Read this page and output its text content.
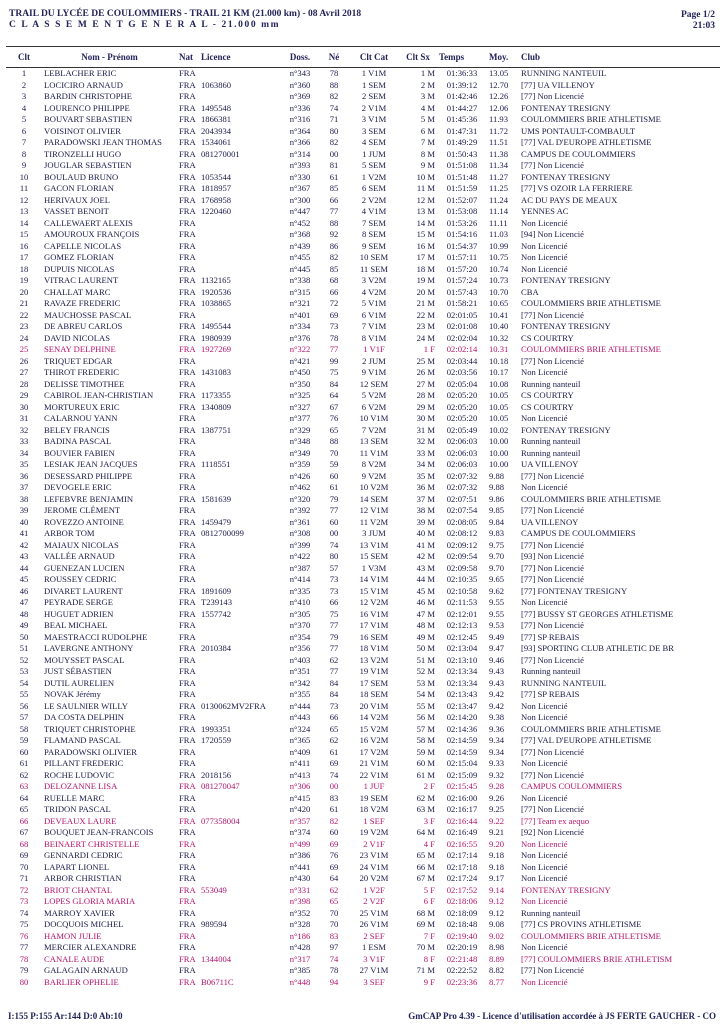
TRAIL DU LYCÉE DE COULOMMIERS - TRAIL 21 KM (21.000 km) - 08 Avril 2018
C L A S S E M E N T G E N E R A L - 21.000 mm
Page 1/2
21:03
Clt	Nom - Prénom	Nat	Licence	Doss.	Né	Clt Cat	Clt Sx	Temps	Moy.	Club
1	LEBLACHER ERIC	FRA		n°343	78	1 V1M	1 M	01:36:33	13.05	RUNNING NANTEUIL
2	LOCICIRO ARNAUD	FRA	1063860	n°360	88	1 SEM	2 M	01:39:12	12.70	[77] UA VILLENOY
3	BARDIN CHRISTOPHE	FRA		n°369	82	2 SEM	3 M	01:42:46	12.26	[77] Non Licencié
4	LOURENCO PHILIPPE	FRA	1495548	n°336	74	2 V1M	4 M	01:44:27	12.06	FONTENAY TRESIGNY
5	BOUVART SEBASTIEN	FRA	1866381	n°316	71	3 V1M	5 M	01:45:36	11.93	COULOMMIERS BRIE ATHLETISME
6	VOISINOT OLIVIER	FRA	2043934	n°364	80	3 SEM	6 M	01:47:31	11.72	UMS PONTAULT-COMBAULT
7	PARADOWSKI JEAN THOMAS	FRA	1534061	n°366	82	4 SEM	7 M	01:49:29	11.51	[77] VAL D'EUROPE ATHLETISME
8	TIRONZELLI HUGO	FRA	081270001	n°314	00	1 JUM	8 M	01:50:43	11.38	CAMPUS DE COULOMMIERS
9	JOUGLAR SEBASTIEN	FRA		n°393	81	5 SEM	9 M	01:51:08	11.34	[77] Non Licencié
10	BOULAUD BRUNO	FRA	1053544	n°330	61	1 V2M	10 M	01:51:48	11.27	FONTENAY TRESIGNY
11	GACON FLORIAN	FRA	1818957	n°367	85	6 SEM	11 M	01:51:59	11.25	[77] VS OZOIR LA FERRIERE
12	HERIVAUX JOEL	FRA	1768958	n°300	66	2 V2M	12 M	01:52:07	11.24	AC DU PAYS DE MEAUX
13	VASSET BENOIT	FRA	1220460	n°447	77	4 V1M	13 M	01:53:08	11.14	YENNES AC
14	CALLEWAERT ALEXIS	FRA		n°452	88	7 SEM	14 M	01:53:26	11.11	Non Licencié
15	AMOUROUX FRANÇOIS	FRA		n°368	92	8 SEM	15 M	01:54:16	11.03	[94] Non Licencié
16	CAPELLE NICOLAS	FRA		n°439	86	9 SEM	16 M	01:54:37	10.99	Non Licencié
17	GOMEZ FLORIAN	FRA		n°455	82	10 SEM	17 M	01:57:11	10.75	Non Licencié
18	DUPUIS NICOLAS	FRA		n°445	85	11 SEM	18 M	01:57:20	10.74	Non Licencié
19	VITRAC LAURENT	FRA	1132165	n°338	68	3 V2M	19 M	01:57:24	10.73	FONTENAY TRESIGNY
20	CHALLAT MARC	FRA	1920536	n°315	66	4 V2M	20 M	01:57:43	10.70	CBA
21	RAVAZE FREDERIC	FRA	1038865	n°321	72	5 V1M	21 M	01:58:21	10.65	COULOMMIERS BRIE ATHLETISME
22	MAUCHOSSE PASCAL	FRA		n°401	69	6 V1M	22 M	02:01:05	10.41	[77] Non Licencié
23	DE ABREU CARLOS	FRA	1495544	n°334	73	7 V1M	23 M	02:01:08	10.40	FONTENAY TRESIGNY
24	DAVID NICOLAS	FRA	1980939	n°376	78	8 V1M	24 M	02:02:04	10.32	CS COURTRY
25	SENAY DELPHINE	FRA	1927269	n°322	77	1 V1F	1 F	02:02:14	10.31	COULOMMIERS BRIE ATHLETISME
26	TRIQUET EDGAR	FRA		n°421	99	2 JUM	25 M	02:03:44	10.18	[77] Non Licencié
27	THIROT FREDERIC	FRA	1431083	n°450	75	9 V1M	26 M	02:03:56	10.17	Non Licencié
28	DELISSE TIMOTHEE	FRA		n°350	84	12 SEM	27 M	02:05:04	10.08	Running nanteuil
29	CABIROL JEAN-CHRISTIAN	FRA	1173355	n°325	64	5 V2M	28 M	02:05:20	10.05	CS COURTRY
30	MORTUREUX ERIC	FRA	1340809	n°327	67	6 V2M	29 M	02:05:20	10.05	CS COURTRY
31	CALARNOU YANN	FRA		n°377	76	10 V1M	30 M	02:05:20	10.05	Non Licencié
32	BELEY FRANCIS	FRA	1387751	n°329	65	7 V2M	31 M	02:05:49	10.02	FONTENAY TRESIGNY
33	BADINA PASCAL	FRA		n°348	88	13 SEM	32 M	02:06:03	10.00	Running nanteuil
34	BOUVIER FABIEN	FRA		n°349	70	11 V1M	33 M	02:06:03	10.00	Running nanteuil
35	LESIAK JEAN JACQUES	FRA	1118551	n°359	59	8 V2M	34 M	02:06:03	10.00	UA VILLENOY
36	DESESSARD PHILIPPE	FRA		n°426	60	9 V2M	35 M	02:07:32	9.88	[77] Non Licencié
37	DEVOGELE ERIC	FRA		n°462	61	10 V2M	36 M	02:07:32	9.88	Non Licencié
38	LEFEBVRE BENJAMIN	FRA	1581639	n°320	79	14 SEM	37 M	02:07:51	9.86	COULOMMIERS BRIE ATHLETISME
39	JEROME CLÉMENT	FRA		n°392	77	12 V1M	38 M	02:07:54	9.85	[77] Non Licencié
40	ROVEZZO ANTOINE	FRA	1459479	n°361	60	11 V2M	39 M	02:08:05	9.84	UA VILLENOY
41	ARBOR TOM	FRA	0812700099	n°308	00	3 JUM	40 M	02:08:12	9.83	CAMPUS DE COULOMMIERS
42	MAIAUX NICOLAS	FRA		n°399	74	13 V1M	41 M	02:09:12	9.75	[77] Non Licencié
43	VALLÉE ARNAUD	FRA		n°422	80	15 SEM	42 M	02:09:54	9.70	[93] Non Licencié
44	GUENEZAN LUCIEN	FRA		n°387	57	1 V3M	43 M	02:09:58	9.70	[77] Non Licencié
45	ROUSSEY CEDRIC	FRA		n°414	73	14 V1M	44 M	02:10:35	9.65	[77] Non Licencié
46	DIVARET LAURENT	FRA	1891609	n°335	73	15 V1M	45 M	02:10:58	9.62	[77] FONTENAY TRESIGNY
47	PEYRADE SERGE	FRA	T239143	n°410	66	12 V2M	46 M	02:11:53	9.55	Non Licencié
48	HUGUET ADRIEN	FRA	1557742	n°305	75	16 V1M	47 M	02:12:01	9.55	[77] BUSSY ST GEORGES ATHLETISME
49	BEAL MICHAEL	FRA		n°370	77	17 V1M	48 M	02:12:13	9.53	[77] Non Licencié
50	MAESTRACCI RUDOLPHE	FRA		n°354	79	16 SEM	49 M	02:12:45	9.49	[77] SP REBAIS
51	LAVERGNE ANTHONY	FRA	2010384	n°356	77	18 V1M	50 M	02:13:04	9.47	[93] SPORTING CLUB ATHLETIC DE BR
52	MOUYSSET PASCAL	FRA		n°403	62	13 V2M	51 M	02:13:10	9.46	[77] Non Licencié
53	JUST SÉBASTIEN	FRA		n°351	77	19 V1M	52 M	02:13:34	9.43	Running nanteuil
54	DUTIL AURELIEN	FRA		n°342	84	17 SEM	53 M	02:13:34	9.43	RUNNING NANTEUIL
55	NOVAK Jérémy	FRA		n°355	84	18 SEM	54 M	02:13:43	9.42	[77] SP REBAIS
56	LE SAULNIER WILLY	FRA	0130062MV2FRA	n°444	73	20 V1M	55 M	02:13:47	9.42	Non Licencié
57	DA COSTA DELPHIN	FRA		n°443	66	14 V2M	56 M	02:14:20	9.38	Non Licencié
58	TRIQUET CHRISTOPHE	FRA	1993351	n°324	65	15 V2M	57 M	02:14:36	9.36	COULOMMIERS BRIE ATHLETISME
59	FLAMAND PASCAL	FRA	1720559	n°365	62	16 V2M	58 M	02:14:59	9.34	[77] VAL D'EUROPE ATHLETISME
60	PARADOWSKI OLIVIER	FRA		n°409	61	17 V2M	59 M	02:14:59	9.34	[77] Non Licencié
61	PILLANT FREDERIC	FRA		n°411	69	21 V1M	60 M	02:15:04	9.33	Non Licencié
62	ROCHE LUDOVIC	FRA	2018156	n°413	74	22 V1M	61 M	02:15:09	9.32	[77] Non Licencié
63	DELOZANNE LISA	FRA	081270047	n°306	00	1 JUF	2 F	02:15:45	9.28	CAMPUS COULOMMIERS
64	RUELLE MARC	FRA		n°415	83	19 SEM	62 M	02:16:00	9.26	Non Licencié
65	TRIDON PASCAL	FRA		n°420	61	18 V2M	63 M	02:16:17	9.25	[77] Non Licencié
66	DEVEAUX LAURE	FRA	077358004	n°357	82	1 SEF	3 F	02:16:44	9.22	[77] Team ex aequo
67	BOUQUET JEAN-FRANCOIS	FRA		n°374	60	19 V2M	64 M	02:16:49	9.21	[92] Non Licencié
68	BEINAERT CHRISTELLE	FRA		n°499	69	2 V1F	4 F	02:16:55	9.20	Non Licencié
69	GENNARDI CEDRIC	FRA		n°386	76	23 V1M	65 M	02:17:14	9.18	Non Licencié
70	LAPART LIONEL	FRA		n°441	69	24 V1M	66 M	02:17:18	9.18	Non Licencié
71	ARBOR CHRISTIAN	FRA		n°430	64	20 V2M	67 M	02:17:24	9.17	Non Licencié
72	BRIOT CHANTAL	FRA	553049	n°331	62	1 V2F	5 F	02:17:52	9.14	FONTENAY TRESIGNY
73	LOPES GLORIA MARIA	FRA		n°398	65	2 V2F	6 F	02:18:06	9.12	Non Licencié
74	MARROY XAVIER	FRA		n°352	70	25 V1M	68 M	02:18:09	9.12	Running nanteuil
75	DOCQUOIS MICHEL	FRA	989594	n°328	70	26 V1M	69 M	02:18:48	9.08	[77] CS PROVINS ATHLETISME
76	HAMON JULIE	FRA		n°186	83	2 SEF	7 F	02:19:40	9.02	COULOMMIERS BRIE ATHLETISME
77	MERCIER ALEXANDRE	FRA		n°428	97	1 ESM	70 M	02:20:19	8.98	Non Licencié
78	CANALE AUDE	FRA	1344004	n°317	74	3 V1F	8 F	02:21:48	8.89	[77] COULOMMIERS BRIE ATHLETISM
79	GALAGAIN ARNAUD	FRA		n°385	78	27 V1M	71 M	02:22:52	8.82	[77] Non Licencié
80	BARLIER OPHELIE	FRA	B06711C	n°448	94	3 SEF	9 F	02:23:36	8.77	Non Licencié
I:155 P:155 Ar:144 D:0 Ab:10	GmCAP Pro 4.39 - Licence d'utilisation accordée à JS FERTE GAUCHER - CO
